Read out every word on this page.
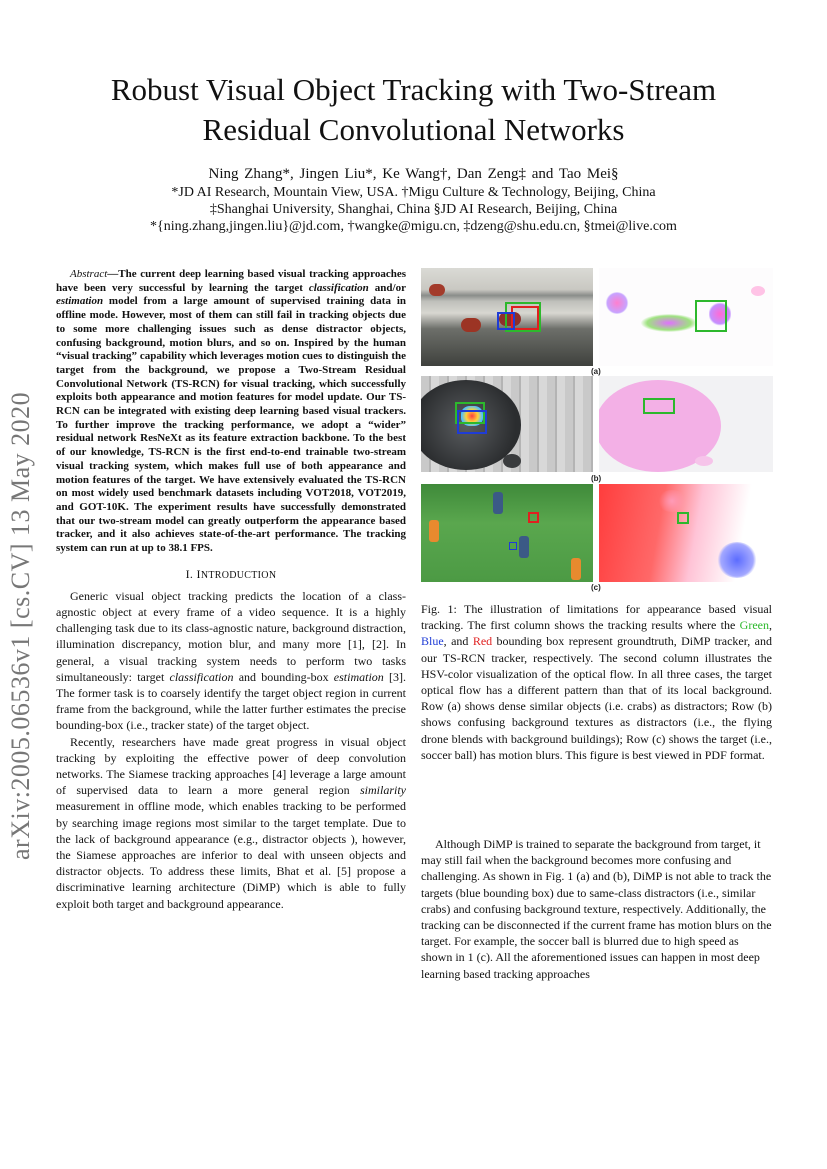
Robust Visual Object Tracking with Two-Stream
Residual Convolutional Networks
Ning Zhang*, Jingen Liu*, Ke Wang†, Dan Zeng‡ and Tao Mei§
*JD AI Research, Mountain View, USA. †Migu Culture & Technology, Beijing, China
‡Shanghai University, Shanghai, China §JD AI Research, Beijing, China
*{ning.zhang,jingen.liu}@jd.com, †wangke@migu.cn, ‡dzeng@shu.edu.cn, §tmei@live.com
arXiv:2005.06536v1 [cs.CV] 13 May 2020

Abstract—The current deep learning based visual tracking approaches have been very successful by learning the target classification and/or estimation model from a large amount of supervised training data in offline mode. However, most of them can still fail in tracking objects due to some more challenging issues such as dense distractor objects, confusing background, motion blurs, and so on. Inspired by the human “visual tracking” capability which leverages motion cues to distinguish the target from the background, we propose a Two-Stream Residual Convolutional Network (TS-RCN) for visual tracking, which successfully exploits both appearance and motion features for model update. Our TS-RCN can be integrated with existing deep learning based visual trackers. To further improve the tracking performance, we adopt a “wider” residual network ResNeXt as its feature extraction backbone. To the best of our knowledge, TS-RCN is the first end-to-end trainable two-stream visual tracking system, which makes full use of both appearance and motion features of the target. We have extensively evaluated the TS-RCN on most widely used benchmark datasets including VOT2018, VOT2019, and GOT-10K. The experiment results have successfully demonstrated that our two-stream model can greatly outperform the appearance based tracker, and it also achieves state-of-the-art performance. The tracking system can run at up to 38.1 FPS.

I. INTRODUCTION

Generic visual object tracking predicts the location of a class-agnostic object at every frame of a video sequence. It is a highly challenging task due to its class-agnostic nature, background distraction, illumination discrepancy, motion blur, and many more [1], [2]. In general, a visual tracking system needs to perform two tasks simultaneously: target classification and bounding-box estimation [3]. The former task is to coarsely identify the target object region in current frame from the background, while the latter further estimates the precise bounding-box (i.e., tracker state) of the target object.

Recently, researchers have made great progress in visual object tracking by exploiting the effective power of deep convolution networks. The Siamese tracking approaches [4] leverage a large amount of supervised data to learn a more general region similarity measurement in offline mode, which enables tracking to be performed by searching image regions most similar to the target template. Due to the lack of background appearance (e.g., distractor objects ), however, the Siamese approaches are inferior to deal with unseen objects and distractor objects. To address these limits, Bhat et al. [5] propose a discriminative learning architecture (DiMP) which is able to fully exploit both target and background appearance.

(a)
(b)
(c)
Fig. 1: The illustration of limitations for appearance based visual tracking. The first column shows the tracking results where the Green, Blue, and Red bounding box represent groundtruth, DiMP tracker, and our TS-RCN tracker, respectively. The second column illustrates the HSV-color visualization of the optical flow. In all three cases, the target optical flow has a different pattern than that of its local background. Row (a) shows dense similar objects (i.e. crabs) as distractors; Row (b) shows confusing background textures as distractors (i.e., the flying drone blends with background buildings); Row (c) shows the target (i.e., soccer ball) has motion blurs. This figure is best viewed in PDF format.

Although DiMP is trained to separate the background from target, it may still fail when the background becomes more confusing and challenging. As shown in Fig. 1 (a) and (b), DiMP is not able to track the targets (blue bounding box) due to same-class distractors (i.e., similar crabs) and confusing background texture, respectively. Additionally, the tracking can be disconnected if the current frame has motion blurs on the target. For example, the soccer ball is blurred due to high speed as shown in 1 (c). All the aforementioned issues can happen in most deep learning based tracking approaches
